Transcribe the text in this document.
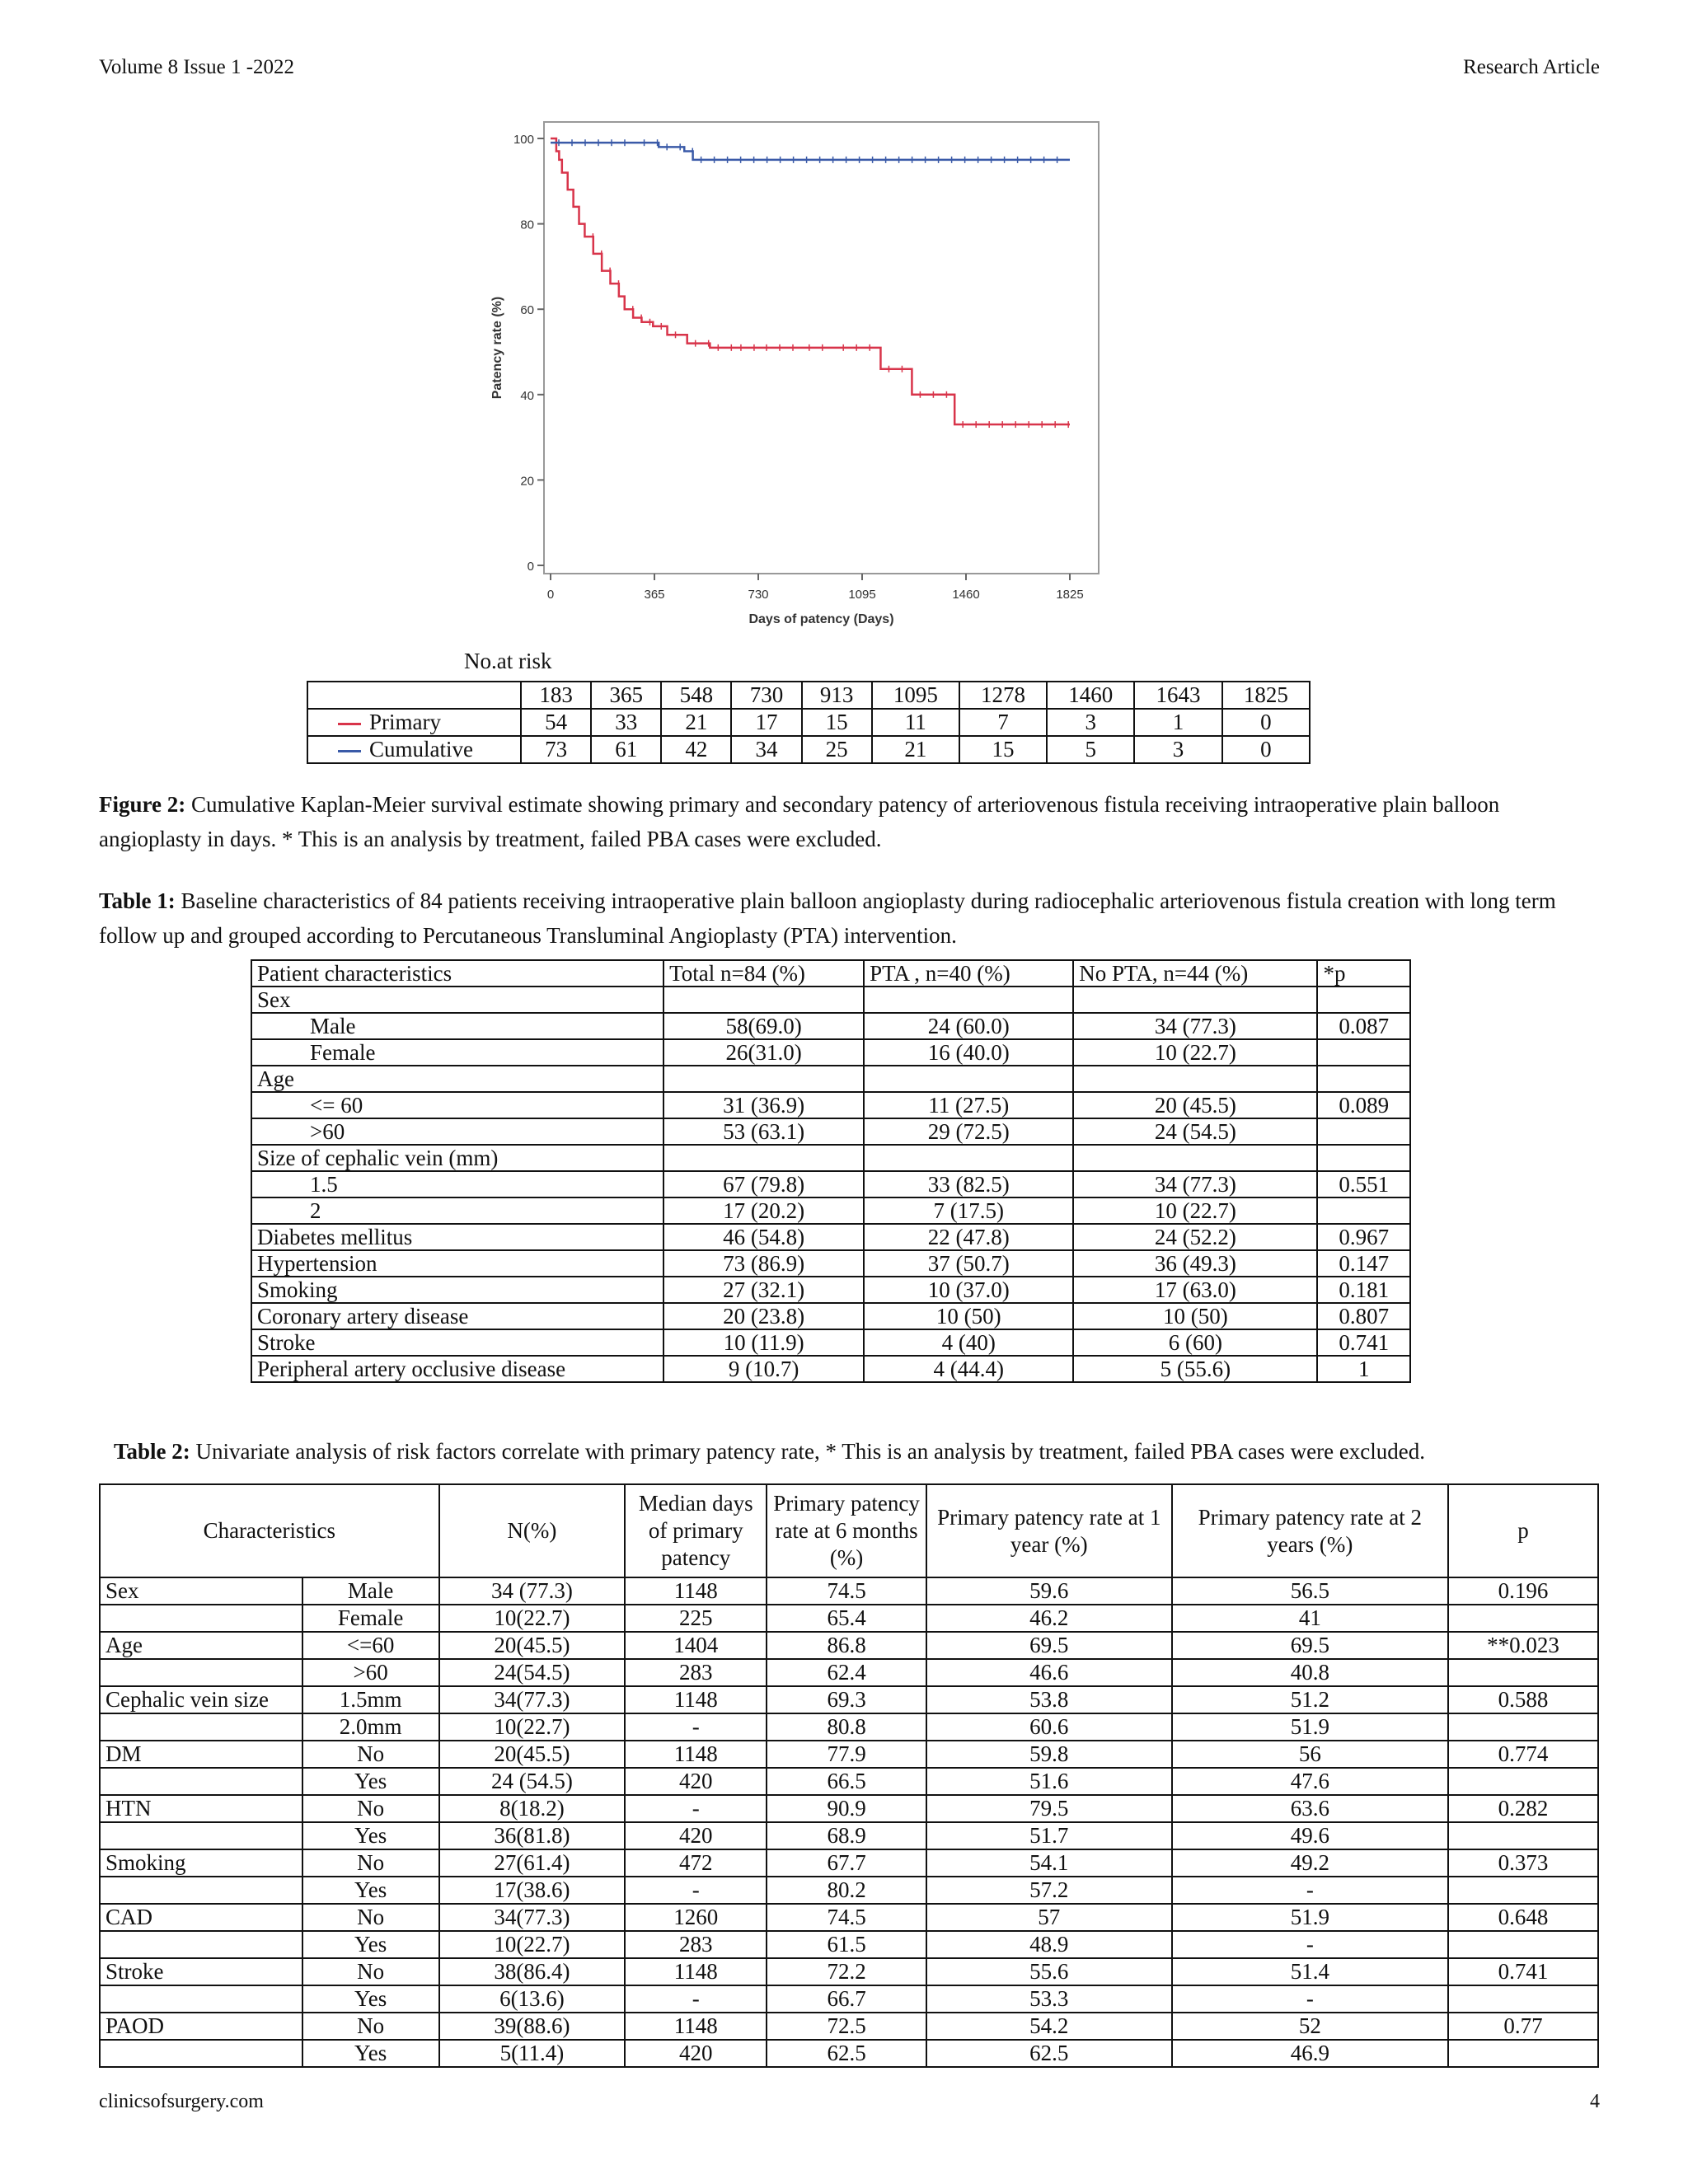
Volume 8 Issue 1 -2022	Research Article
0
20
40
60
80
100
0	365	730	1095	1460	1825
Days of patency (Days)
Patency rate (%)
No.at risk
	183	365	548	730	913	1095	1278	1460	1643	1825
Primary	54	33	21	17	15	11	7	3	1	0
Cumulative	73	61	42	34	25	21	15	5	3	0
Figure 2: Cumulative Kaplan-Meier survival estimate showing primary and secondary patency of arteriovenous fistula receiving intraoperative plain balloon angioplasty in days. * This is an analysis by treatment, failed PBA cases were excluded.
Table 1: Baseline characteristics of 84 patients receiving intraoperative plain balloon angioplasty during radiocephalic arteriovenous fistula creation with long term follow up and grouped according to Percutaneous Transluminal Angioplasty (PTA) intervention.
Patient characteristics	Total n=84 (%)	PTA , n=40 (%)	No PTA, n=44 (%)	*p
Sex				
Male	58(69.0)	24 (60.0)	34 (77.3)	0.087
Female	26(31.0)	16 (40.0)	10 (22.7)	
Age				
<= 60	31 (36.9)	11 (27.5)	20 (45.5)	0.089
>60	53 (63.1)	29 (72.5)	24 (54.5)	
Size of cephalic vein (mm)				
1.5	67 (79.8)	33 (82.5)	34 (77.3)	0.551
2	17 (20.2)	7 (17.5)	10 (22.7)	
Diabetes mellitus	46 (54.8)	22 (47.8)	24 (52.2)	0.967
Hypertension	73 (86.9)	37 (50.7)	36 (49.3)	0.147
Smoking	27 (32.1)	10 (37.0)	17 (63.0)	0.181
Coronary artery disease	20 (23.8)	10 (50)	10 (50)	0.807
Stroke	10 (11.9)	4 (40)	6 (60)	0.741
Peripheral artery occlusive disease	9 (10.7)	4 (44.4)	5 (55.6)	1
Table 2: Univariate analysis of risk factors correlate with primary patency rate, * This is an analysis by treatment, failed PBA cases were excluded.
Characteristics		N(%)	Median days of primary patency	Primary patency rate at 6 months (%)	Primary patency rate at 1 year (%)	Primary patency rate at 2 years (%)	p
Sex	Male	34 (77.3)	1148	74.5	59.6	56.5	0.196
	Female	10(22.7)	225	65.4	46.2	41	
Age	<=60	20(45.5)	1404	86.8	69.5	69.5	**0.023
	>60	24(54.5)	283	62.4	46.6	40.8	
Cephalic vein size	1.5mm	34(77.3)	1148	69.3	53.8	51.2	0.588
	2.0mm	10(22.7)	-	80.8	60.6	51.9	
DM	No	20(45.5)	1148	77.9	59.8	56	0.774
	Yes	24 (54.5)	420	66.5	51.6	47.6	
HTN	No	8(18.2)	-	90.9	79.5	63.6	0.282
	Yes	36(81.8)	420	68.9	51.7	49.6	
Smoking	No	27(61.4)	472	67.7	54.1	49.2	0.373
	Yes	17(38.6)	-	80.2	57.2	-	
CAD	No	34(77.3)	1260	74.5	57	51.9	0.648
	Yes	10(22.7)	283	61.5	48.9	-	
Stroke	No	38(86.4)	1148	72.2	55.6	51.4	0.741
	Yes	6(13.6)	-	66.7	53.3	-	
PAOD	No	39(88.6)	1148	72.5	54.2	52	0.77
	Yes	5(11.4)	420	62.5	62.5	46.9	
clinicsofsurgery.com	4
